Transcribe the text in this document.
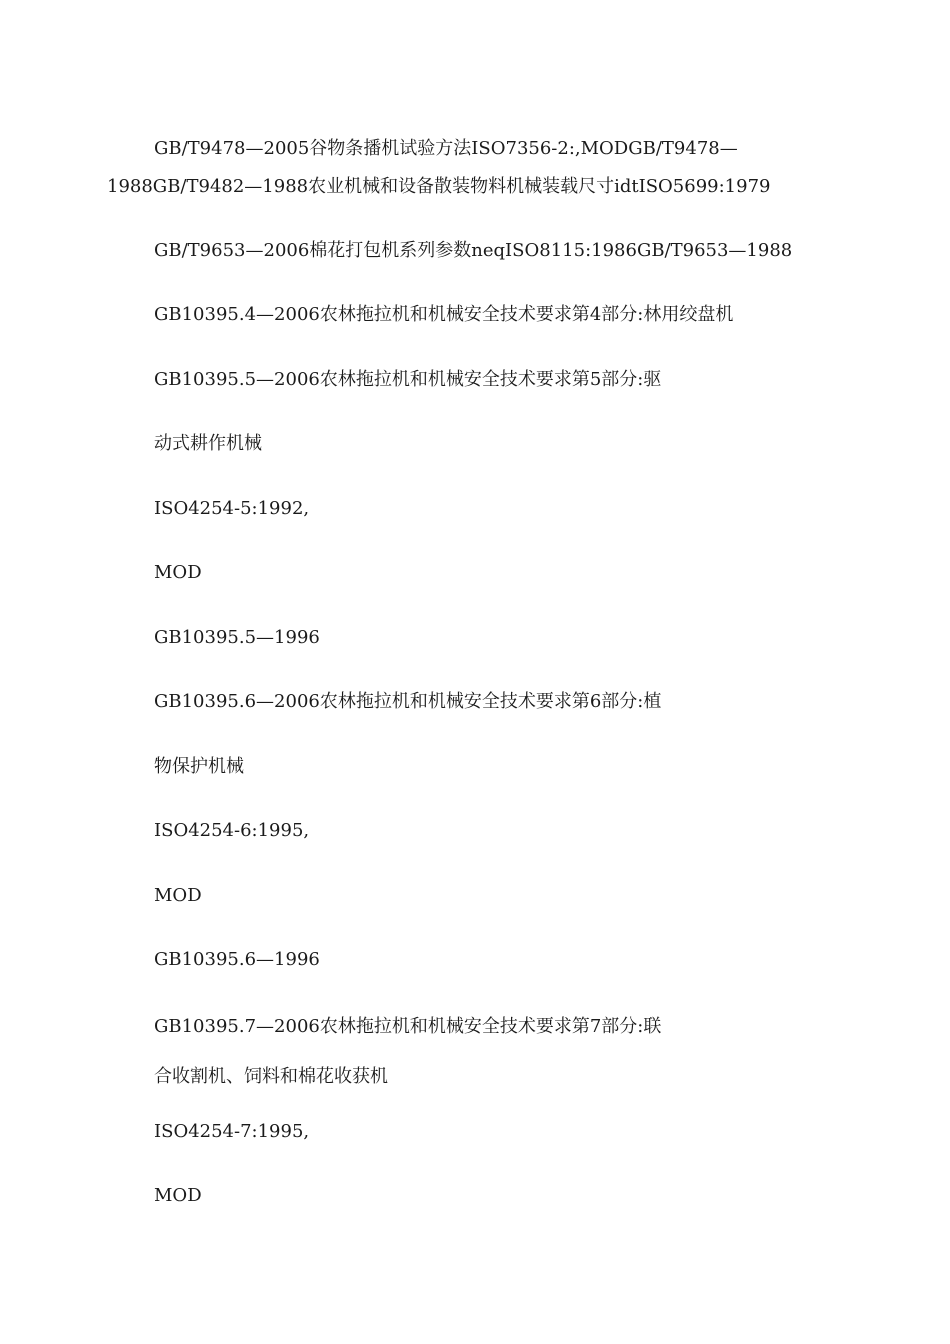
GB/T9478—2005谷物条播机试验方法ISO7356-2:,MODGB/T9478—
1988GB/T9482—1988农业机械和设备散装物料机械装载尺寸idtISO5699:1979
GB/T9653—2006棉花打包机系列参数neqISO8115:1986GB/T9653—1988
GB10395.4—2006农林拖拉机和机械安全技术要求第4部分:林用绞盘机
GB10395.5—2006农林拖拉机和机械安全技术要求第5部分:驱
动式耕作机械
ISO4254-5:1992,
MOD
GB10395.5—1996
GB10395.6—2006农林拖拉机和机械安全技术要求第6部分:植
物保护机械
ISO4254-6:1995,
MOD
GB10395.6—1996
GB10395.7—2006农林拖拉机和机械安全技术要求第7部分:联
合收割机、饲料和棉花收获机
ISO4254-7:1995,
MOD
